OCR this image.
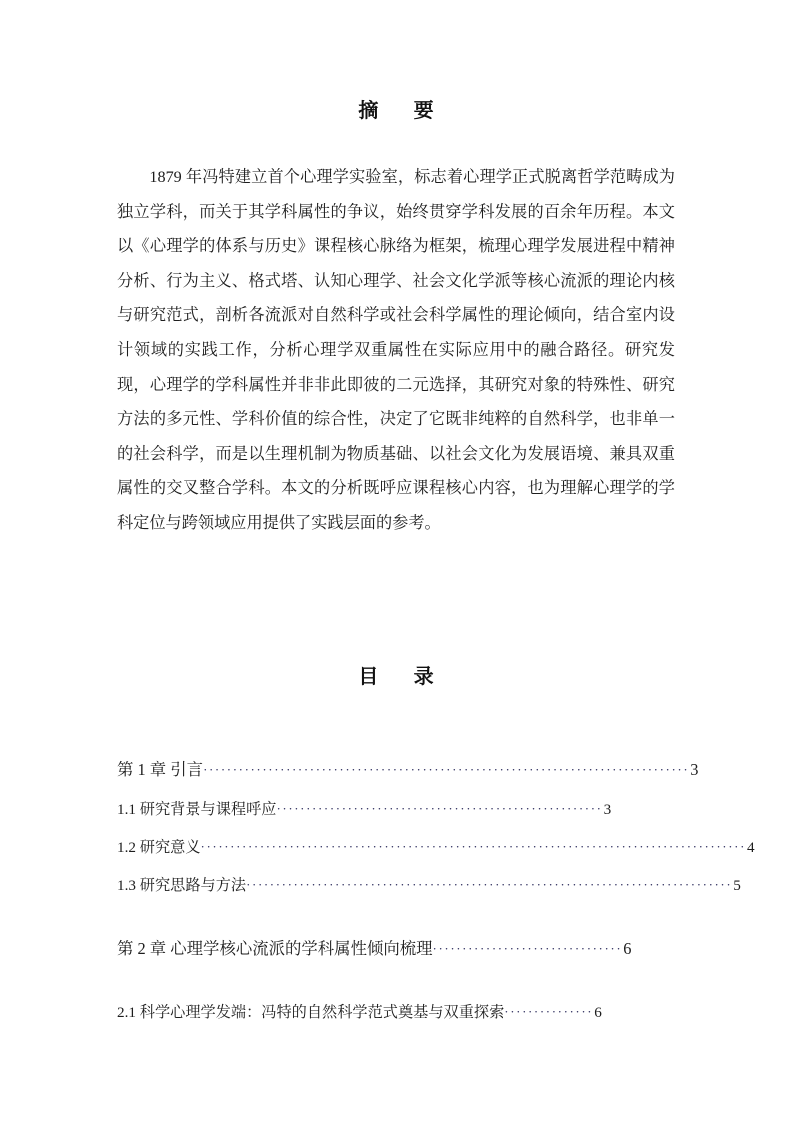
摘　要

1879 年冯特建立首个心理学实验室，标志着心理学正式脱离哲学范畴成为独立学科，而关于其学科属性的争议，始终贯穿学科发展的百余年历程。本文以《心理学的体系与历史》课程核心脉络为框架，梳理心理学发展进程中精神分析、行为主义、格式塔、认知心理学、社会文化学派等核心流派的理论内核与研究范式，剖析各流派对自然科学或社会科学属性的理论倾向，结合室内设计领域的实践工作，分析心理学双重属性在实际应用中的融合路径。研究发现，心理学的学科属性并非非此即彼的二元选择，其研究对象的特殊性、研究方法的多元性、学科价值的综合性，决定了它既非纯粹的自然科学，也非单一的社会科学，而是以生理机制为物质基础、以社会文化为发展语境、兼具双重属性的交叉整合学科。本文的分析既呼应课程核心内容，也为理解心理学的学科定位与跨领域应用提供了实践层面的参考。

目　录
第 1 章 引言 ·················································································· 3
1.1 研究背景与课程呼应 ······················································· 3
1.2 研究意义 ···························································································· 4
1.3 研究思路与方法 ·················································································· 5
第 2 章 心理学核心流派的学科属性倾向梳理 ································ 6
2.1 科学心理学发端：冯特的自然科学范式奠基与双重探索 ··············· 6
